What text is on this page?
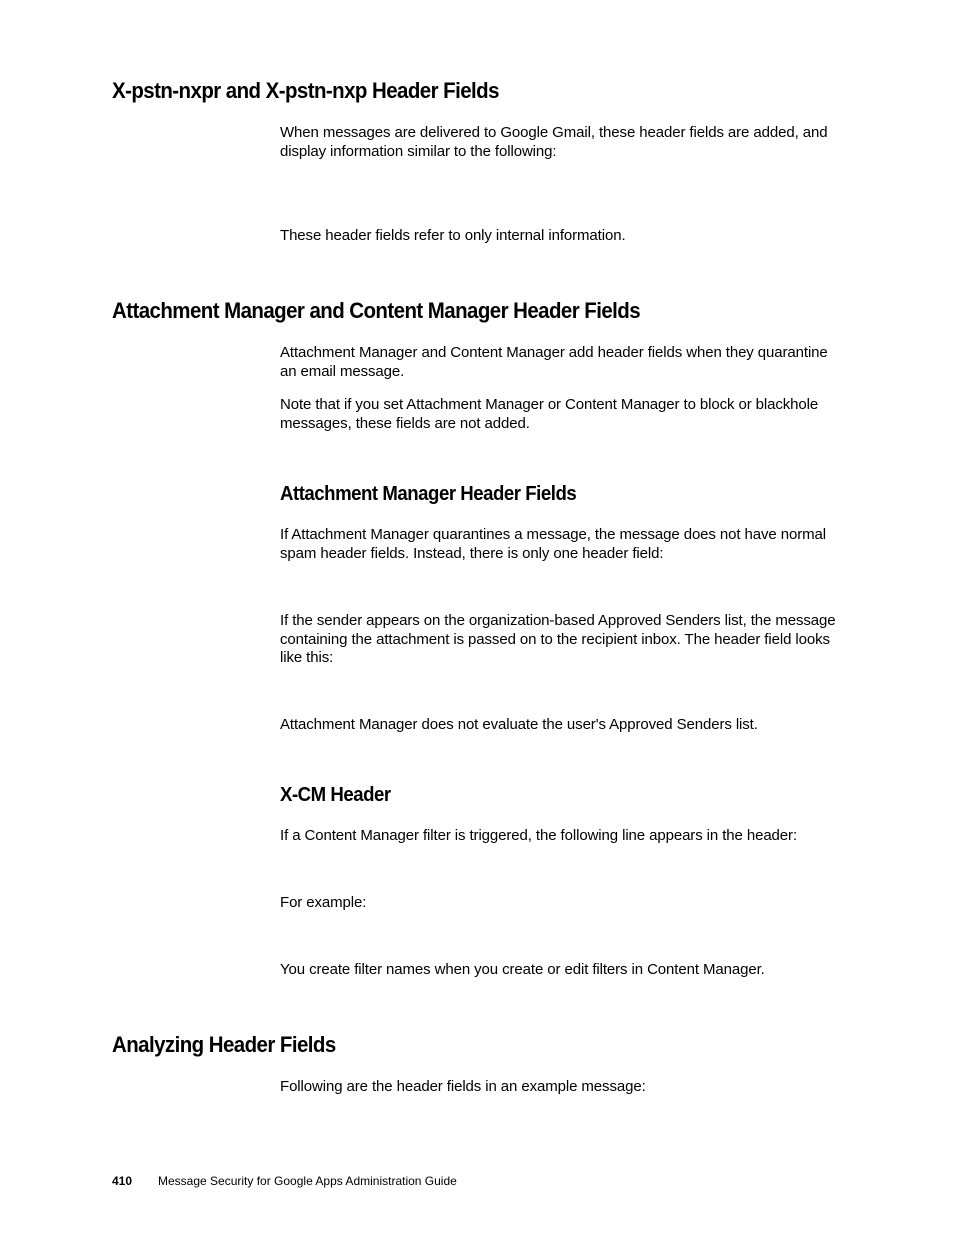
X-pstn-nxpr and X-pstn-nxp Header Fields

When messages are delivered to Google Gmail, these header fields are added, and display information similar to the following:

These header fields refer to only internal information.

Attachment Manager and Content Manager Header Fields

Attachment Manager and Content Manager add header fields when they quarantine an email message.

Note that if you set Attachment Manager or Content Manager to block or blackhole messages, these fields are not added.

Attachment Manager Header Fields

If Attachment Manager quarantines a message, the message does not have normal spam header fields. Instead, there is only one header field:

If the sender appears on the organization-based Approved Senders list, the message containing the attachment is passed on to the recipient inbox. The header field looks like this:

Attachment Manager does not evaluate the user's Approved Senders list.

X-CM Header

If a Content Manager filter is triggered, the following line appears in the header:

For example:

You create filter names when you create or edit filters in Content Manager.

Analyzing Header Fields

Following are the header fields in an example message:

410 Message Security for Google Apps Administration Guide
